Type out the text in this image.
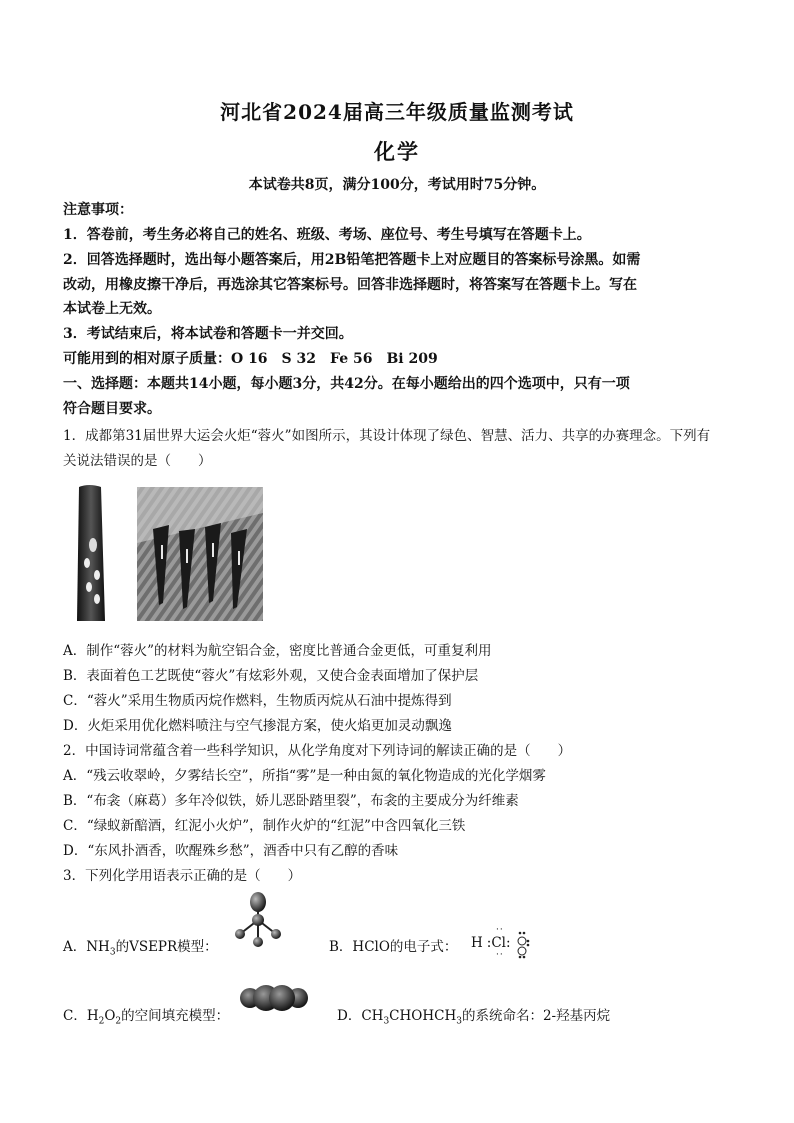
河北省2024届高三年级质量监测考试
化学
本试卷共8页，满分100分，考试用时75分钟。
注意事项：
1．答卷前，考生务必将自己的姓名、班级、考场、座位号、考生号填写在答题卡上。
2．回答选择题时，选出每小题答案后，用2B铅笔把答题卡上对应题目的答案标号涂黑。如需
改动，用橡皮擦干净后，再选涂其它答案标号。回答非选择题时，将答案写在答题卡上。写在
本试卷上无效。
3．考试结束后，将本试卷和答题卡一并交回。
可能用到的相对原子质量：O 16　S 32　Fe 56　Bi 209
一、选择题：本题共14小题，每小题3分，共42分。在每小题给出的四个选项中，只有一项
符合题目要求。
1．成都第31届世界大运会火炬“蓉火”如图所示，其设计体现了绿色、智慧、活力、共享的办赛理念。下列有
关说法错误的是（　　）
A．制作“蓉火”的材料为航空铝合金，密度比普通合金更低，可重复利用
B．表面着色工艺既使“蓉火”有炫彩外观，又使合金表面增加了保护层
C．“蓉火”采用生物质丙烷作燃料，生物质丙烷从石油中提炼得到
D．火炬采用优化燃料喷注与空气掺混方案，使火焰更加灵动飘逸
2．中国诗词常蕴含着一些科学知识，从化学角度对下列诗词的解读正确的是（　　）
A．“残云收翠岭，夕雾结长空”，所指“雾”是一种由氮的氧化物造成的光化学烟雾
B．“布衾（麻葛）多年冷似铁，娇儿恶卧踏里裂”，布衾的主要成分为纤维素
C．“绿蚁新醅酒，红泥小火炉”，制作火炉的“红泥”中含四氧化三铁
D．“东风扑酒香，吹醒殊乡愁”，酒香中只有乙醇的香味
3．下列化学用语表示正确的是（　　）
A．$NH_3$的VSEPR模型：	B．HClO的电子式： H :Cl:
··
··
C．$H_2O_2$的空间填充模型：	D．$CH_3CHOHCH_3$的系统命名：2-羟基丙烷
